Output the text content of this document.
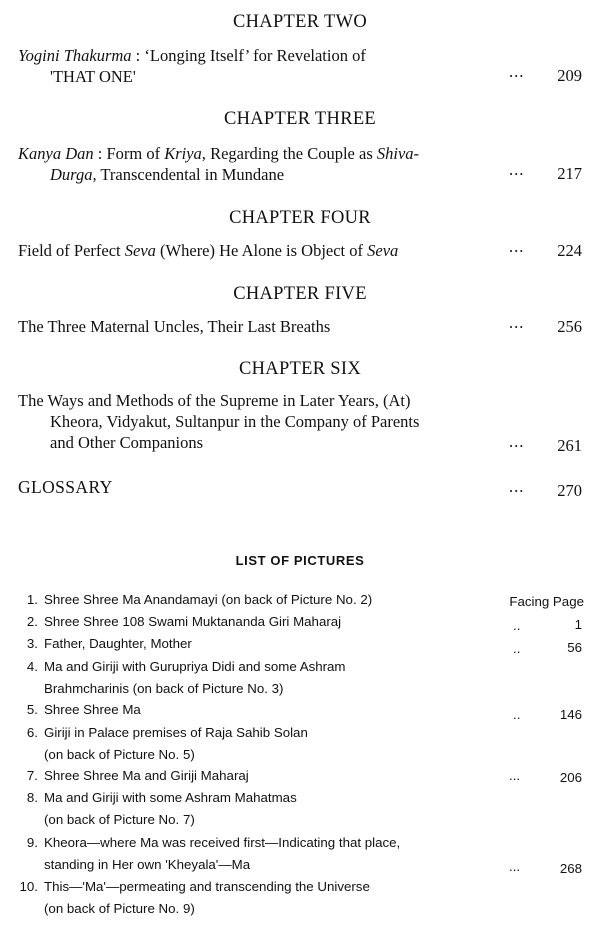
CHAPTER TWO
Yogini Thakurma : ‘Longing Itself’ for Revelation of
'THAT ONE'	... 209
CHAPTER THREE
Kanya Dan : Form of Kriya, Regarding the Couple as Shiva-
Durga, Transcendental in Mundane	... 217
CHAPTER FOUR
Field of Perfect Seva (Where) He Alone is Object of Seva	... 224
CHAPTER FIVE
The Three Maternal Uncles, Their Last Breaths	... 256
CHAPTER SIX
The Ways and Methods of the Supreme in Later Years, (At)
Kheora, Vidyakut, Sultanpur in the Company of Parents
and Other Companions	... 261
GLOSSARY	... 270
LIST OF PICTURES
Facing Page
1. Shree Shree Ma Anandamayi (on back of Picture No. 2)
2. Shree Shree 108 Swami Muktananda Giri Maharaj	..	1
3. Father, Daughter, Mother	..	56
4. Ma and Giriji with Gurupriya Didi and some Ashram
Brahmcharinis (on back of Picture No. 3)
5. Shree Shree Ma	..	146
6. Giriji in Palace premises of Raja Sahib Solan
(on back of Picture No. 5)
7. Shree Shree Ma and Giriji Maharaj	...	206
8. Ma and Giriji with some Ashram Mahatmas
(on back of Picture No. 7)
9. Kheora—where Ma was received first—Indicating that place,
standing in Her own 'Kheyala'—Ma	...	268
10. This—'Ma'—permeating and transcending the Universe
(on back of Picture No. 9)
